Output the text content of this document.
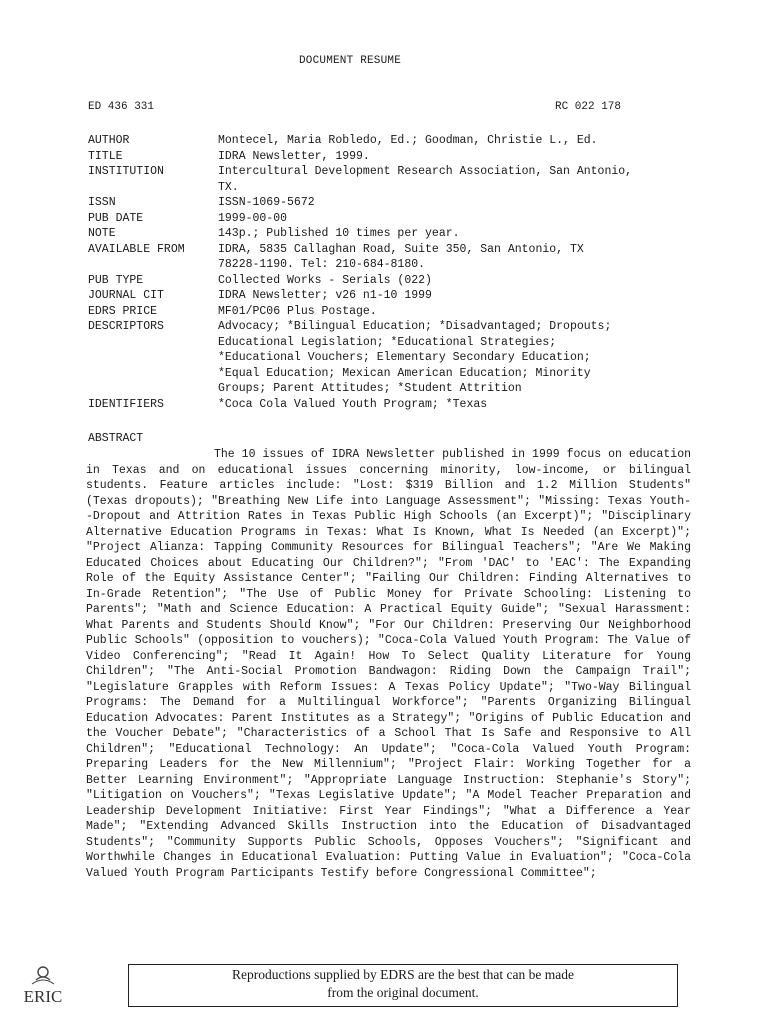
DOCUMENT RESUME
ED 436 331	RC 022 178
AUTHOR	Montecel, Maria Robledo, Ed.; Goodman, Christie L., Ed.
TITLE	IDRA Newsletter, 1999.
INSTITUTION	Intercultural Development Research Association, San Antonio,
TX.
ISSN	ISSN-1069-5672
PUB DATE	1999-00-00
NOTE	143p.; Published 10 times per year.
AVAILABLE FROM	IDRA, 5835 Callaghan Road, Suite 350, San Antonio, TX
78228-1190. Tel: 210-684-8180.
PUB TYPE	Collected Works - Serials (022)
JOURNAL CIT	IDRA Newsletter; v26 n1-10 1999
EDRS PRICE	MF01/PC06 Plus Postage.
DESCRIPTORS	Advocacy; *Bilingual Education; *Disadvantaged; Dropouts;
Educational Legislation; *Educational Strategies;
*Educational Vouchers; Elementary Secondary Education;
*Equal Education; Mexican American Education; Minority
Groups; Parent Attitudes; *Student Attrition
IDENTIFIERS	*Coca Cola Valued Youth Program; *Texas
ABSTRACT

The 10 issues of IDRA Newsletter published in 1999 focus on education in Texas and on educational issues concerning minority, low-income, or bilingual students. Feature articles include: "Lost: $319 Billion and 1.2 Million Students" (Texas dropouts); "Breathing New Life into Language Assessment"; "Missing: Texas Youth--Dropout and Attrition Rates in Texas Public High Schools (an Excerpt)"; "Disciplinary Alternative Education Programs in Texas: What Is Known, What Is Needed (an Excerpt)"; "Project Alianza: Tapping Community Resources for Bilingual Teachers"; "Are We Making Educated Choices about Educating Our Children?"; "From 'DAC' to 'EAC': The Expanding Role of the Equity Assistance Center"; "Failing Our Children: Finding Alternatives to In-Grade Retention"; "The Use of Public Money for Private Schooling: Listening to Parents"; "Math and Science Education: A Practical Equity Guide"; "Sexual Harassment: What Parents and Students Should Know"; "For Our Children: Preserving Our Neighborhood Public Schools" (opposition to vouchers); "Coca-Cola Valued Youth Program: The Value of Video Conferencing"; "Read It Again! How To Select Quality Literature for Young Children"; "The Anti-Social Promotion Bandwagon: Riding Down the Campaign Trail"; "Legislature Grapples with Reform Issues: A Texas Policy Update"; "Two-Way Bilingual Programs: The Demand for a Multilingual Workforce"; "Parents Organizing Bilingual Education Advocates: Parent Institutes as a Strategy"; "Origins of Public Education and the Voucher Debate"; "Characteristics of a School That Is Safe and Responsive to All Children"; "Educational Technology: An Update"; "Coca-Cola Valued Youth Program: Preparing Leaders for the New Millennium"; "Project Flair: Working Together for a Better Learning Environment"; "Appropriate Language Instruction: Stephanie's Story"; "Litigation on Vouchers"; "Texas Legislative Update"; "A Model Teacher Preparation and Leadership Development Initiative: First Year Findings"; "What a Difference a Year Made"; "Extending Advanced Skills Instruction into the Education of Disadvantaged Students"; "Community Supports Public Schools, Opposes Vouchers"; "Significant and Worthwhile Changes in Educational Evaluation: Putting Value in Evaluation"; "Coca-Cola Valued Youth Program Participants Testify before Congressional Committee";

ERIC
Reproductions supplied by EDRS are the best that can be made
from the original document.
